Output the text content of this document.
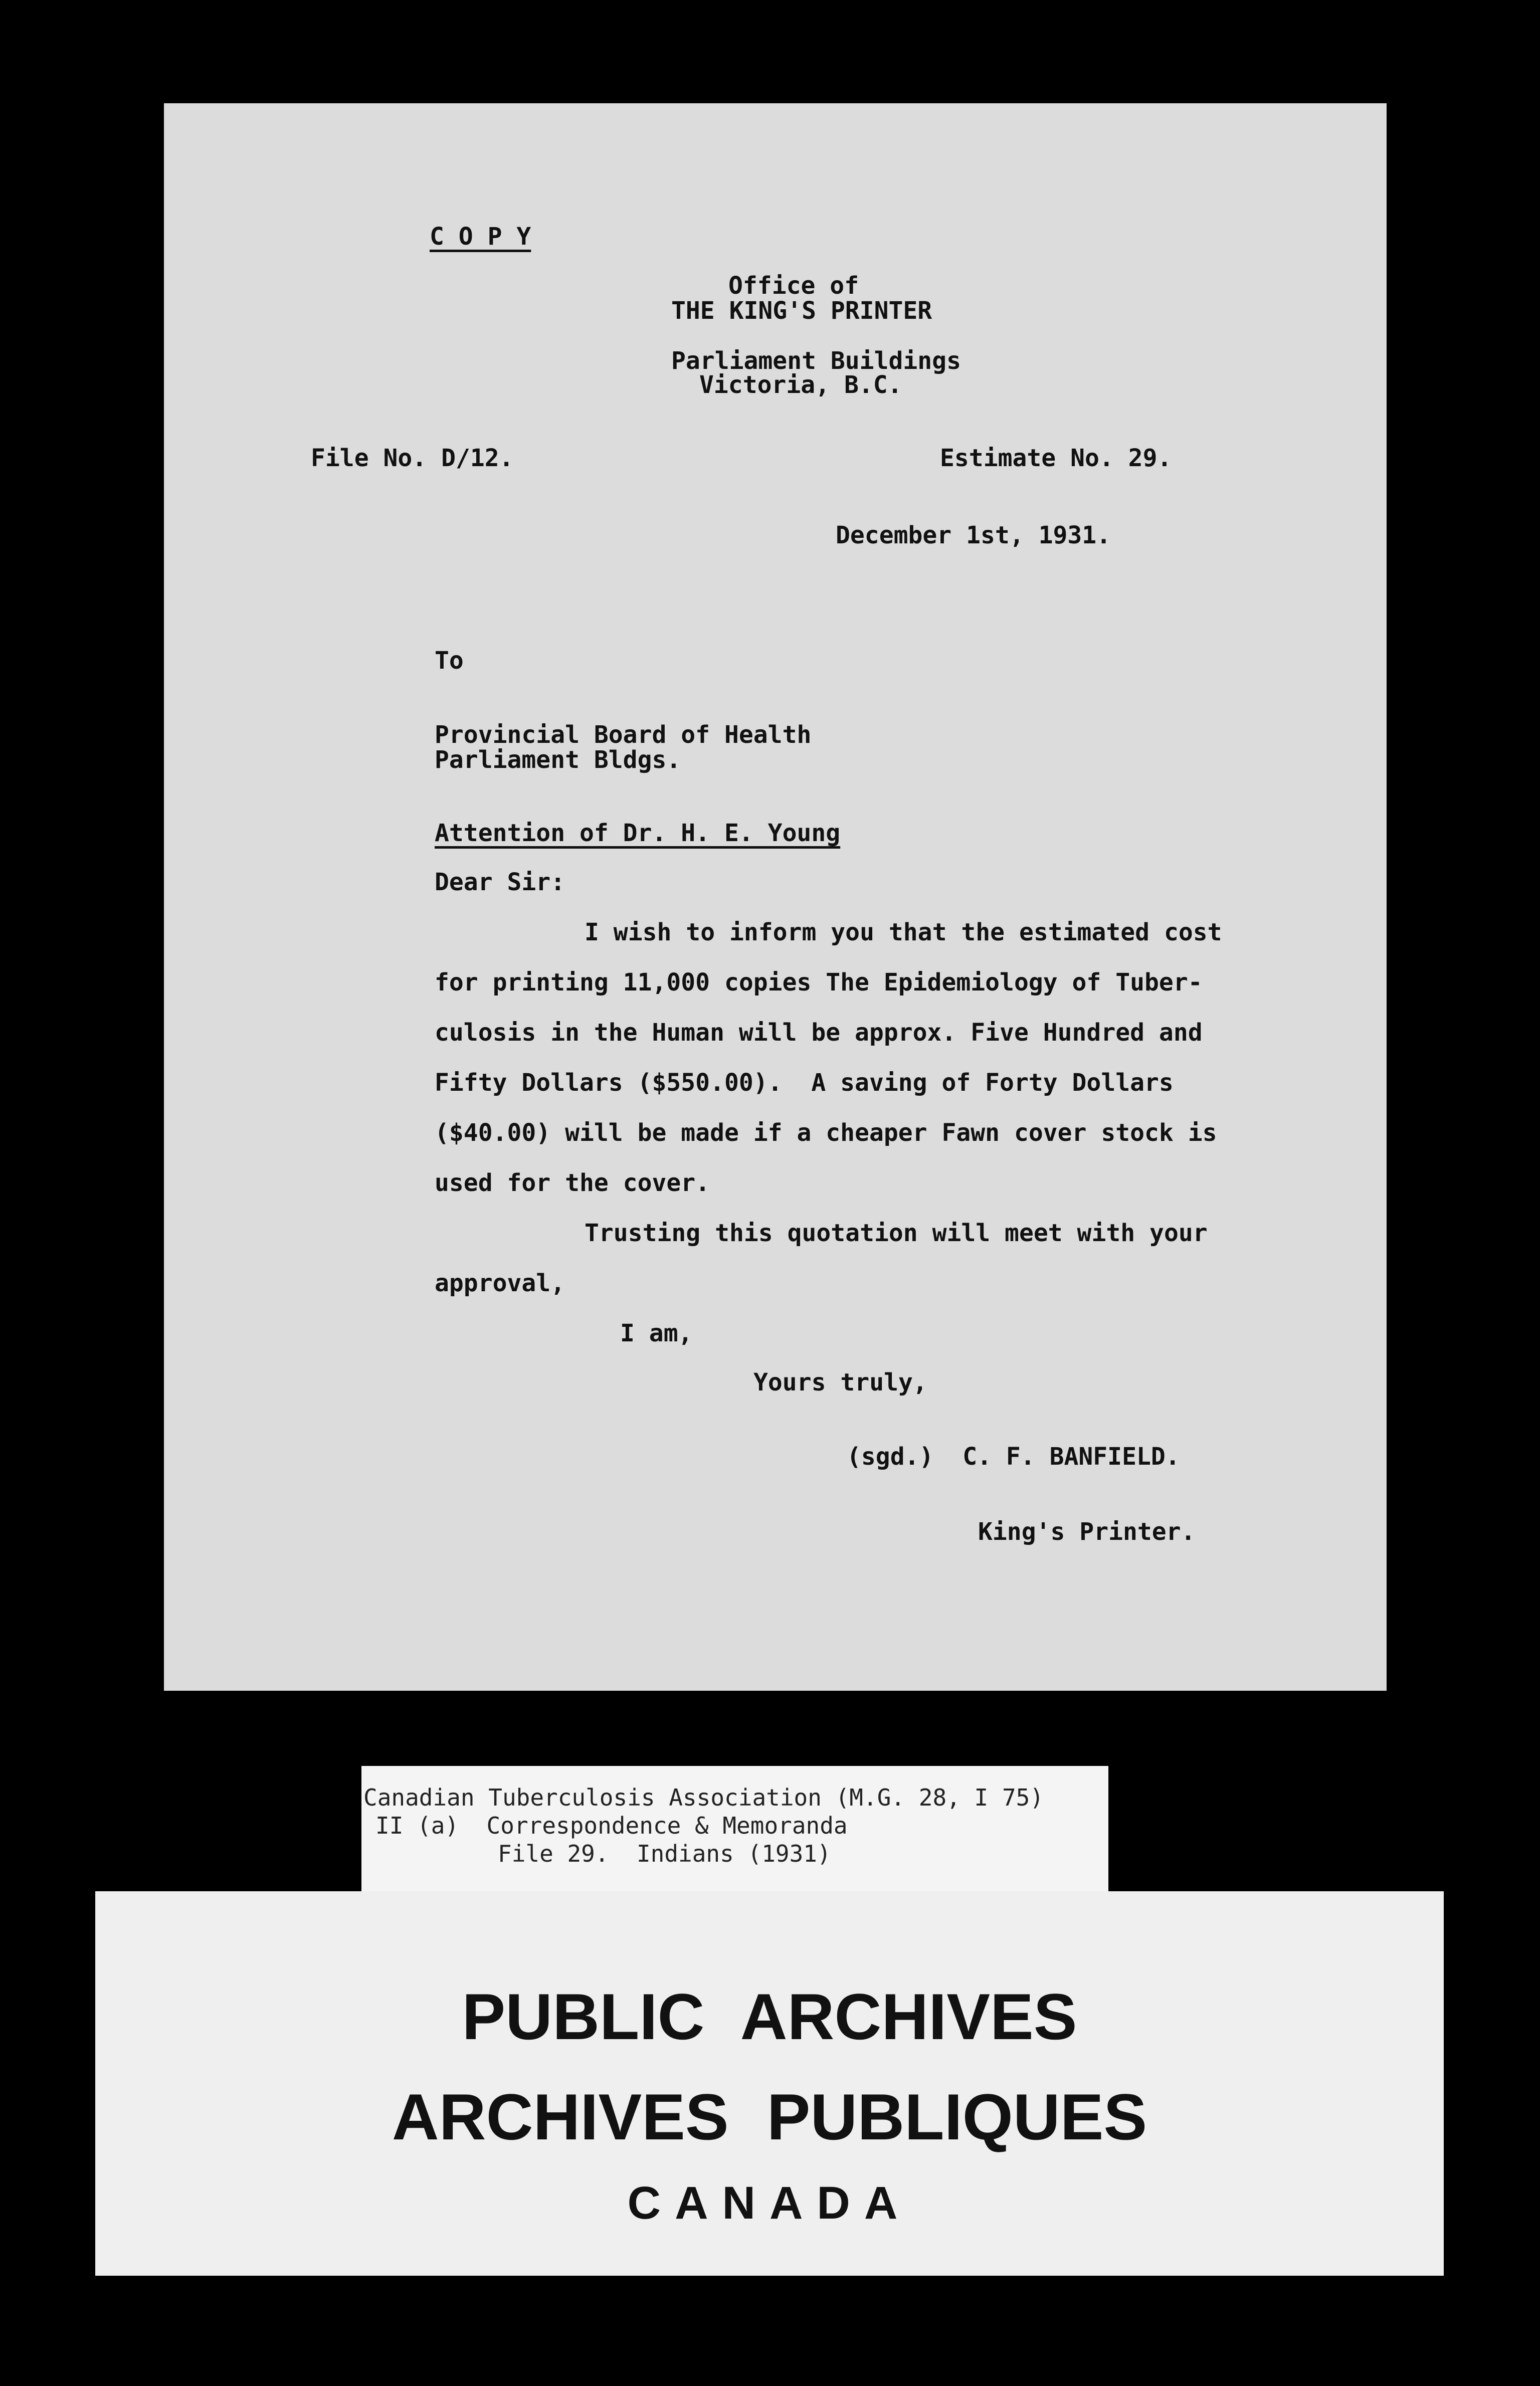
C O P Y
Office of
THE KING'S PRINTER
Parliament Buildings
Victoria, B.C.
File No. D/12.	Estimate No. 29.
December 1st, 1931.
To
Provincial Board of Health
Parliament Bldgs.
Attention of Dr. H. E. Young
Dear Sir:
I wish to inform you that the estimated cost
for printing 11,000 copies The Epidemiology of Tuber-
culosis in the Human will be approx. Five Hundred and
Fifty Dollars ($550.00).  A saving of Forty Dollars
($40.00) will be made if a cheaper Fawn cover stock is
used for the cover.
Trusting this quotation will meet with your
approval,
I am,
Yours truly,
(sgd.)  C. F. BANFIELD.
King's Printer.
Canadian Tuberculosis Association (M.G. 28, I 75)
II (a)  Correspondence & Memoranda
File 29.  Indians (1931)
PUBLIC ARCHIVES
ARCHIVES PUBLIQUES
CANADA
